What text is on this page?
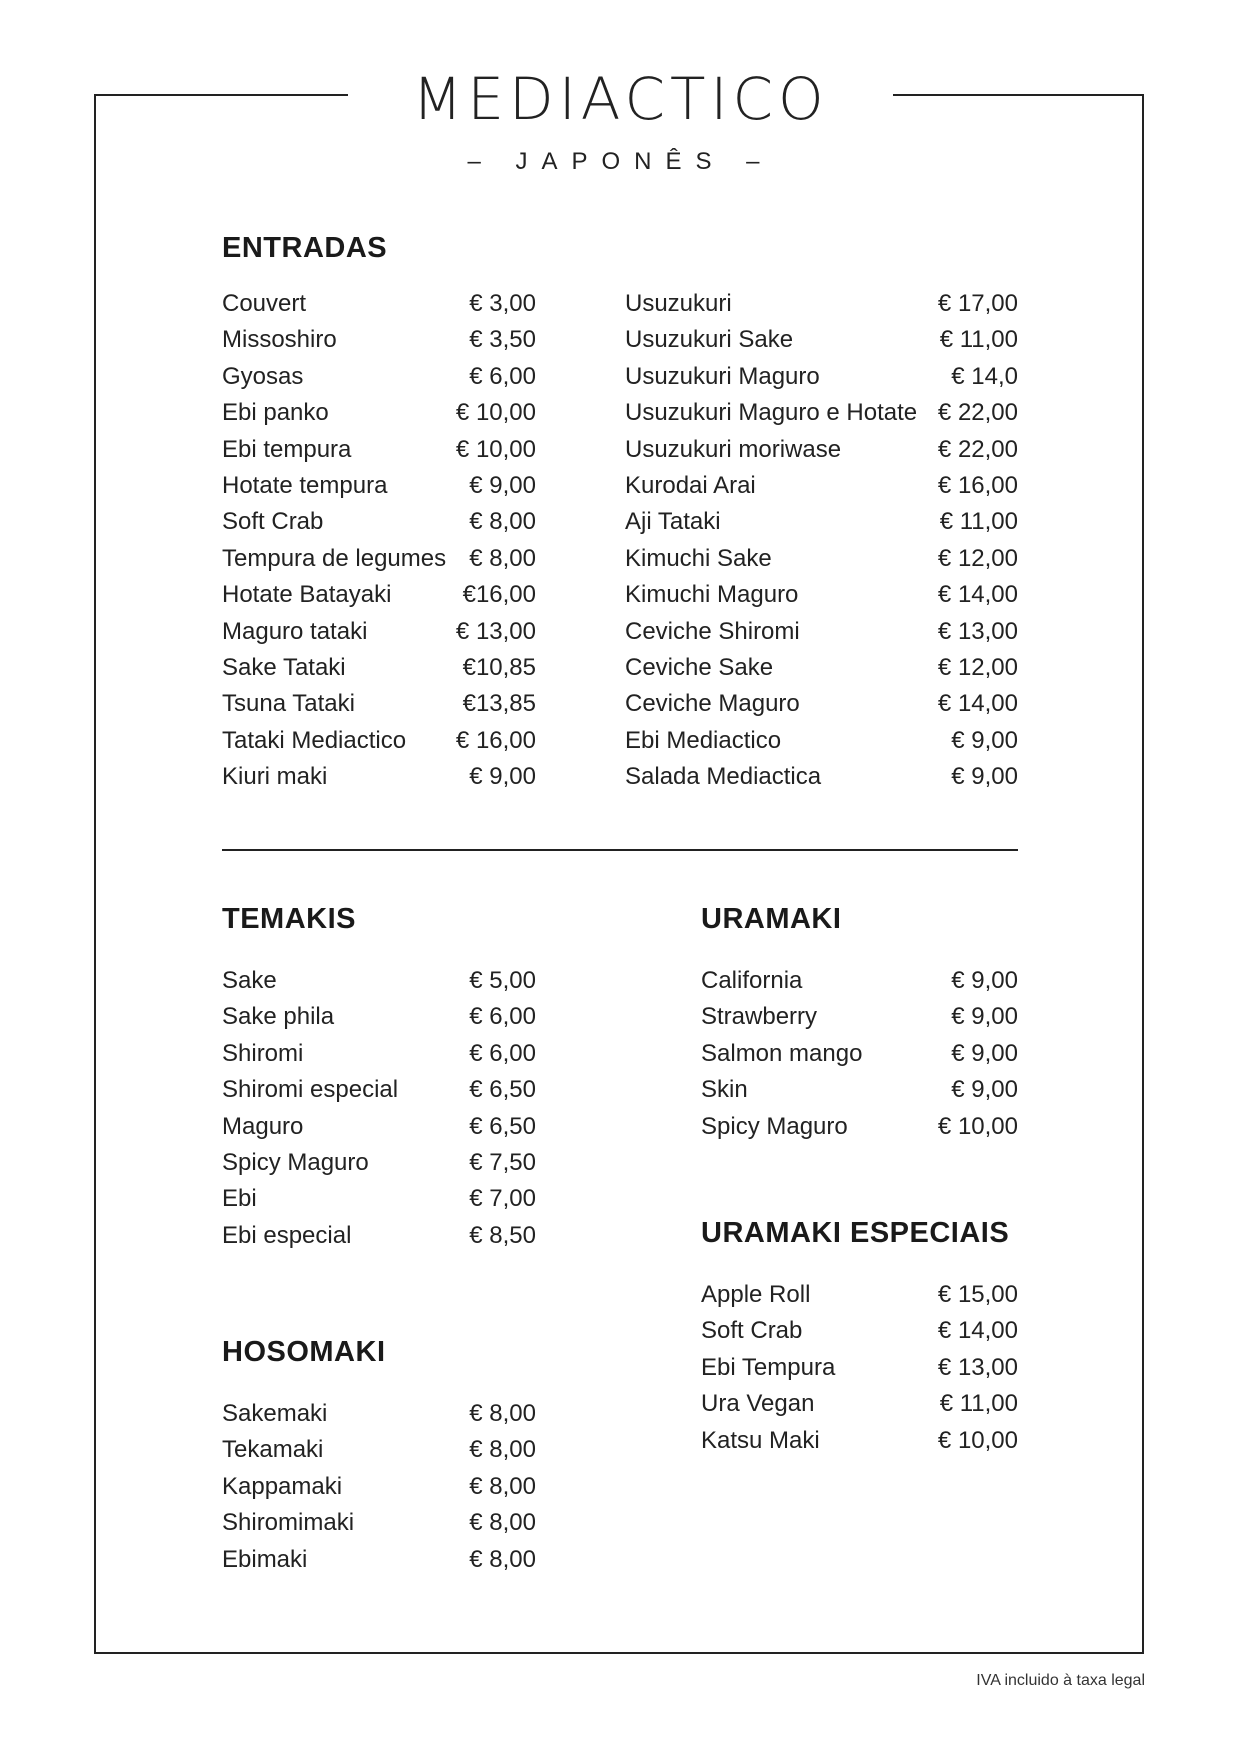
MEDIACTICO
– JAPONÊS –
ENTRADAS
Couvert	€ 3,00
Missoshiro	€ 3,50
Gyosas	€ 6,00
Ebi panko	€ 10,00
Ebi tempura	€ 10,00
Hotate tempura	€ 9,00
Soft Crab	€ 8,00
Tempura de legumes € 8,00
Hotate Batayaki	€16,00
Maguro tataki	€ 13,00
Sake Tataki	€10,85
Tsuna Tataki	€13,85
Tataki Mediactico € 16,00
Kiuri maki	€ 9,00
Usuzukuri	€ 17,00
Usuzukuri Sake	€ 11,00
Usuzukuri Maguro	€ 14,0
Usuzukuri Maguro e Hotate € 22,00
Usuzukuri moriwase	€ 22,00
Kurodai Arai	€ 16,00
Aji Tataki	€ 11,00
Kimuchi Sake	€ 12,00
Kimuchi Maguro	€ 14,00
Ceviche Shiromi	€ 13,00
Ceviche Sake	€ 12,00
Ceviche Maguro	€ 14,00
Ebi Mediactico	€ 9,00
Salada Mediactica	€ 9,00
TEMAKIS
Sake	€ 5,00
Sake phila	€ 6,00
Shiromi	€ 6,00
Shiromi especial	€ 6,50
Maguro	€ 6,50
Spicy Maguro	€ 7,50
Ebi	€ 7,00
Ebi especial	€ 8,50
HOSOMAKI
Sakemaki	€ 8,00
Tekamaki	€ 8,00
Kappamaki	€ 8,00
Shiromimaki	€ 8,00
Ebimaki	€ 8,00
URAMAKI
California	€ 9,00
Strawberry	€ 9,00
Salmon mango	€ 9,00
Skin	€ 9,00
Spicy Maguro	€ 10,00
URAMAKI ESPECIAIS
Apple Roll	€ 15,00
Soft Crab	€ 14,00
Ebi Tempura	€ 13,00
Ura Vegan	€ 11,00
Katsu Maki	€ 10,00
IVA incluido à taxa legal
